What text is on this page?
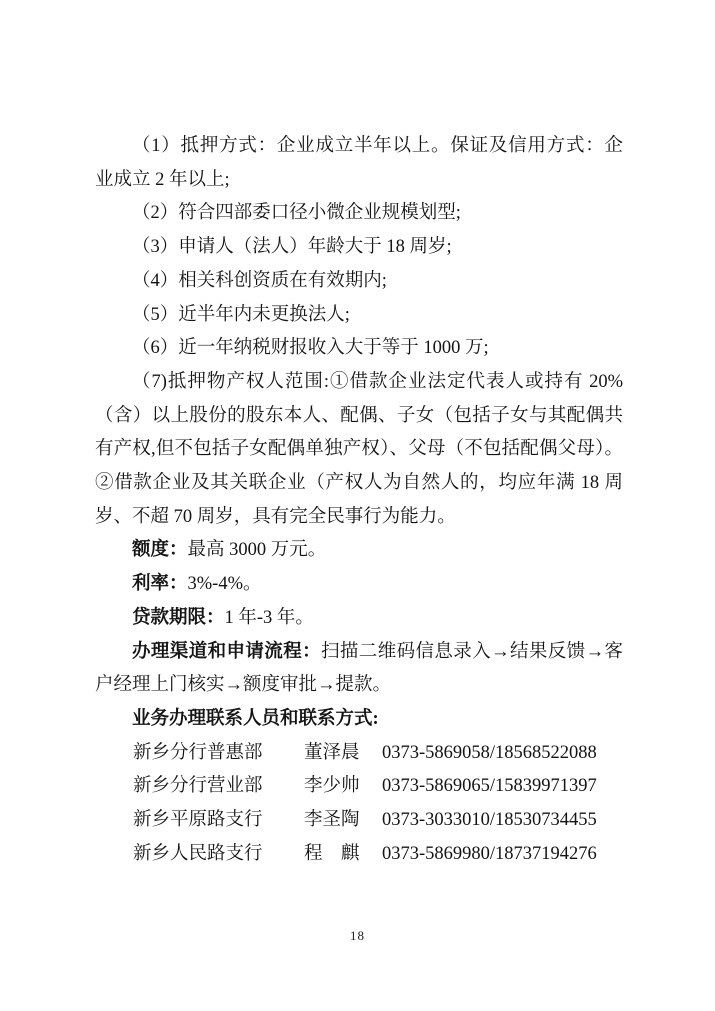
（1）抵押方式：企业成立半年以上。保证及信用方式：企
业成立 2 年以上;
（2）符合四部委口径小微企业规模划型;
（3）申请人（法人）年龄大于 18 周岁;
（4）相关科创资质在有效期内;
（5）近半年内未更换法人;
（6）近一年纳税财报收入大于等于 1000 万;
（7)抵押物产权人范围:①借款企业法定代表人或持有 20%
（含）以上股份的股东本人、配偶、子女（包括子女与其配偶共
有产权,但不包括子女配偶单独产权）、父母（不包括配偶父母）。
②借款企业及其关联企业（产权人为自然人的，均应年满 18 周
岁、不超 70 周岁，具有完全民事行为能力。
额度：最高 3000 万元。
利率：3%-4%。
贷款期限：1 年-3 年。
办理渠道和申请流程：扫描二维码信息录入→结果反馈→客
户经理上门核实→额度审批→提款。
业务办理联系人员和联系方式:
新乡分行普惠部 董泽晨 0373-5869058/18568522088
新乡分行营业部 李少帅 0373-5869065/15839971397
新乡平原路支行 李圣陶 0373-3033010/18530734455
新乡人民路支行 程　麒 0373-5869980/18737194276
18
